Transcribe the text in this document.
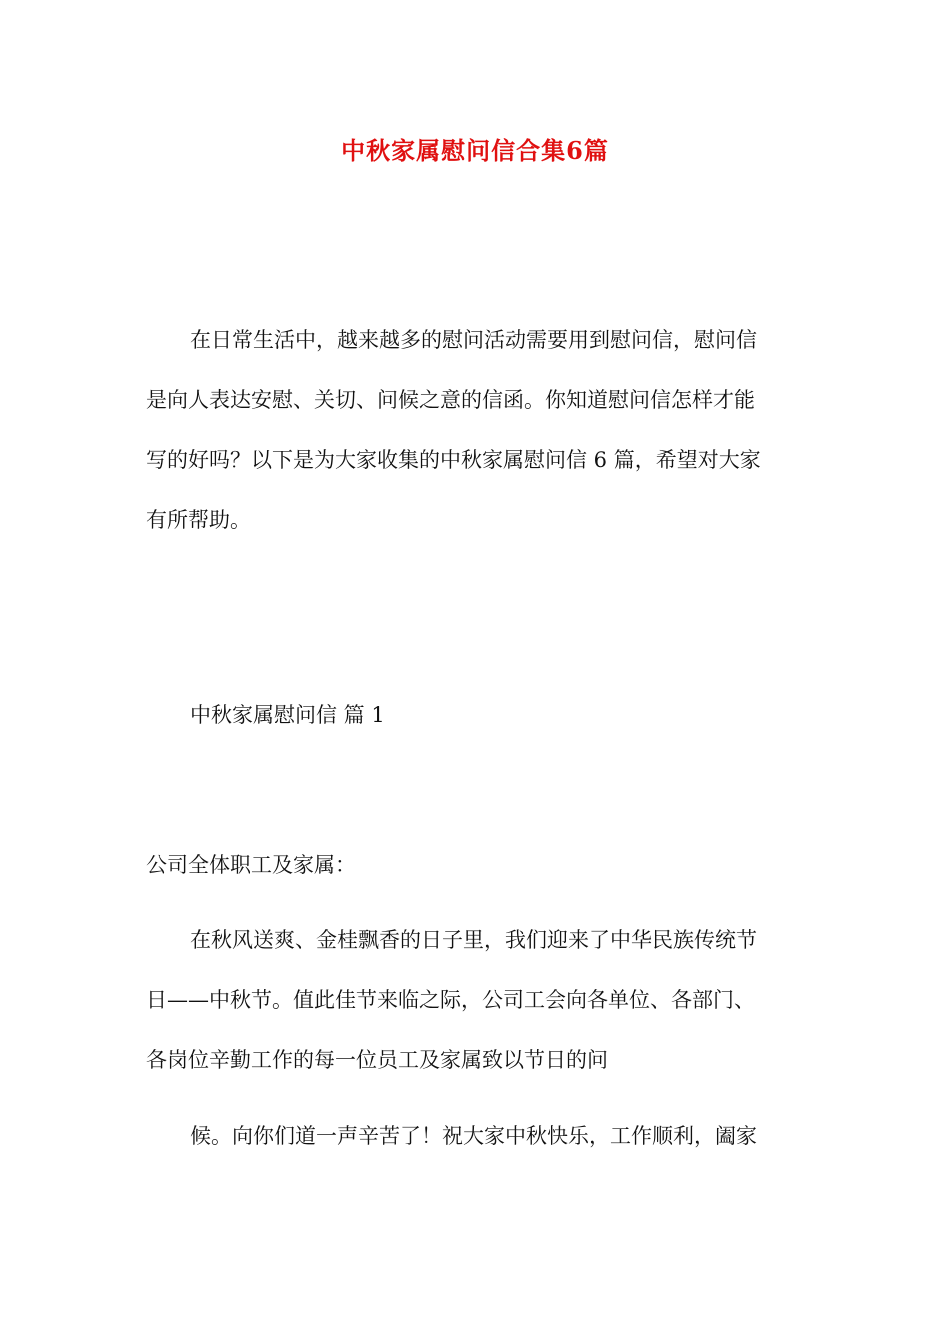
中秋家属慰问信合集6篇

在日常生活中，越来越多的慰问活动需要用到慰问信，慰问信
是向人表达安慰、关切、问候之意的信函。你知道慰问信怎样才能
写的好吗？以下是为大家收集的中秋家属慰问信 6 篇，希望对大家
有所帮助。

中秋家属慰问信 篇 1

公司全体职工及家属：

在秋风送爽、金桂飘香的日子里，我们迎来了中华民族传统节
日——中秋节。值此佳节来临之际，公司工会向各单位、各部门、
各岗位辛勤工作的每一位员工及家属致以节日的问

候。向你们道一声辛苦了！祝大家中秋快乐，工作顺利，阖家
